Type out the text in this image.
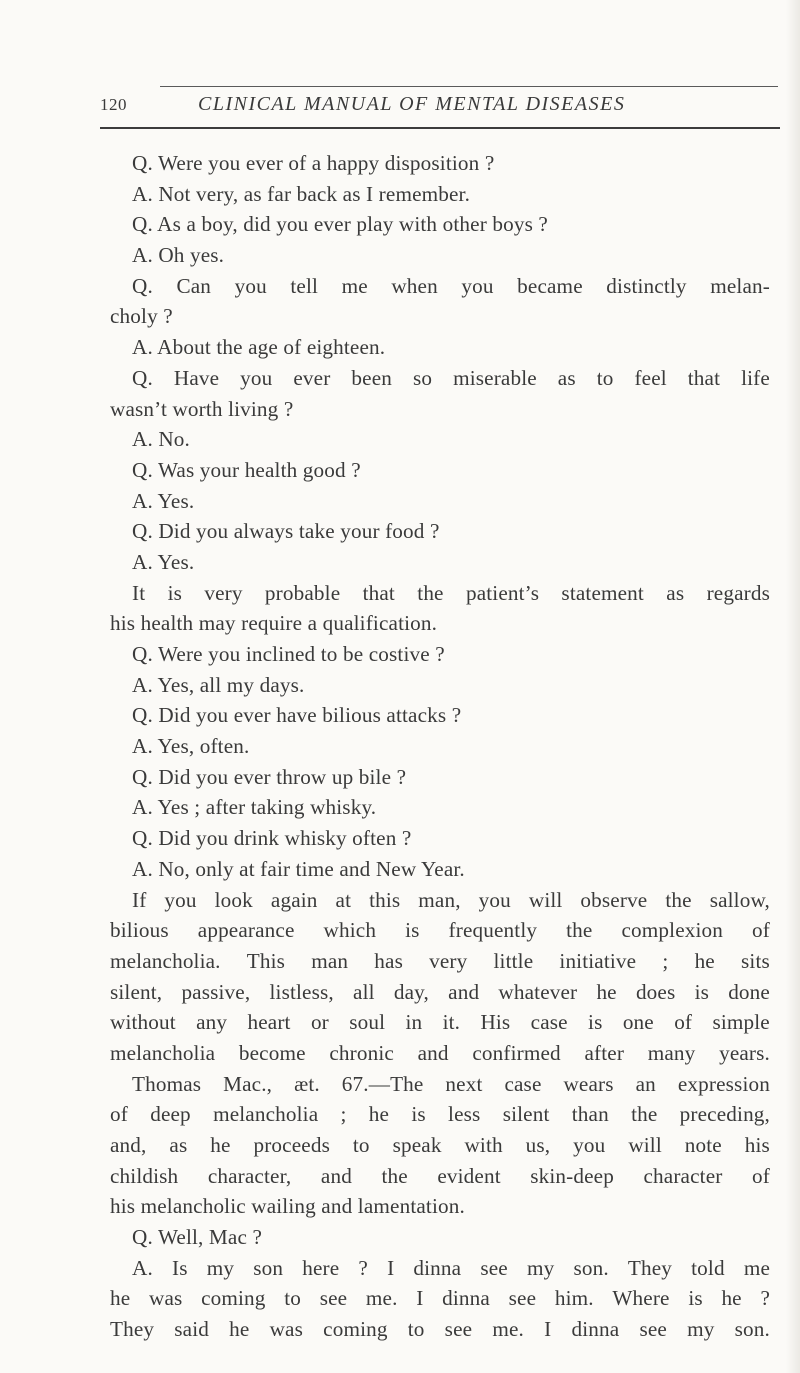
120	CLINICAL MANUAL OF MENTAL DISEASES
Q. Were you ever of a happy disposition ?
A. Not very, as far back as I remember.
Q. As a boy, did you ever play with other boys ?
A. Oh yes.
Q. Can you tell me when you became distinctly melan-
choly ?
A. About the age of eighteen.
Q. Have you ever been so miserable as to feel that life
wasn’t worth living ?
A. No.
Q. Was your health good ?
A. Yes.
Q. Did you always take your food ?
A. Yes.
It is very probable that the patient’s statement as regards
his health may require a qualification.
Q. Were you inclined to be costive ?
A. Yes, all my days.
Q. Did you ever have bilious attacks ?
A. Yes, often.
Q. Did you ever throw up bile ?
A. Yes ; after taking whisky.
Q. Did you drink whisky often ?
A. No, only at fair time and New Year.
If you look again at this man, you will observe the sallow,
bilious appearance which is frequently the complexion of
melancholia. This man has very little initiative ; he sits
silent, passive, listless, all day, and whatever he does is done
without any heart or soul in it. His case is one of simple
melancholia become chronic and confirmed after many years.
Thomas Mac., æt. 67.—The next case wears an expression
of deep melancholia ; he is less silent than the preceding,
and, as he proceeds to speak with us, you will note his
childish character, and the evident skin-deep character of
his melancholic wailing and lamentation.
Q. Well, Mac ?
A. Is my son here ? I dinna see my son. They told me
he was coming to see me. I dinna see him. Where is he ?
They said he was coming to see me. I dinna see my son.
